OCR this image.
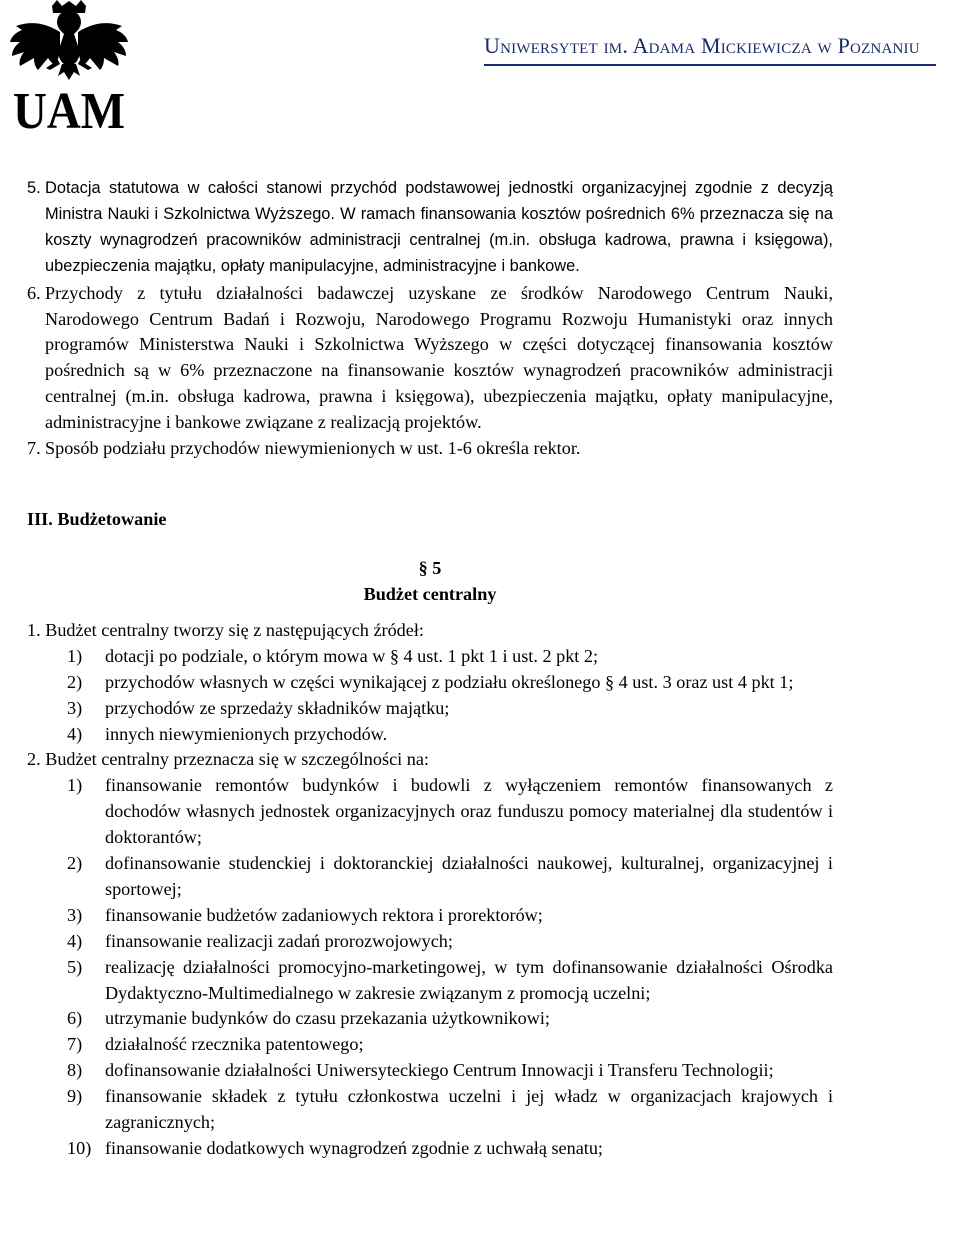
UAM
Uniwersytet im. Adama Mickiewicza w Poznaniu
5. Dotacja statutowa w całości stanowi przychód podstawowej jednostki organizacyjnej zgodnie z decyzją Ministra Nauki i Szkolnictwa Wyższego. W ramach finansowania kosztów pośrednich 6% przeznacza się na koszty wynagrodzeń pracowników administracji centralnej (m.in. obsługa kadrowa, prawna i księgowa), ubezpieczenia majątku, opłaty manipulacyjne, administracyjne i bankowe.
6. Przychody z tytułu działalności badawczej uzyskane ze środków Narodowego Centrum Nauki, Narodowego Centrum Badań i Rozwoju, Narodowego Programu Rozwoju Humanistyki oraz innych programów Ministerstwa Nauki i Szkolnictwa Wyższego w części dotyczącej finansowania kosztów pośrednich są w 6% przeznaczone na finansowanie kosztów wynagrodzeń pracowników administracji centralnej (m.in. obsługa kadrowa, prawna i księgowa), ubezpieczenia majątku, opłaty manipulacyjne, administracyjne i bankowe związane z realizacją projektów.
7. Sposób podziału przychodów niewymienionych w ust. 1-6 określa rektor.
III. Budżetowanie
§ 5
Budżet centralny
1. Budżet centralny tworzy się z następujących źródeł:
1)	dotacji po podziale, o którym mowa w § 4 ust. 1 pkt 1 i ust. 2 pkt 2;
2)	przychodów własnych w części wynikającej z podziału określonego § 4 ust. 3 oraz ust 4 pkt 1;
3)	przychodów ze sprzedaży składników majątku;
4)	innych niewymienionych przychodów.
2. Budżet centralny przeznacza się w szczególności na:
1)	finansowanie remontów budynków i budowli z wyłączeniem remontów finansowanych z dochodów własnych jednostek organizacyjnych oraz funduszu pomocy materialnej dla studentów i doktorantów;
2)	dofinansowanie studenckiej i doktoranckiej działalności naukowej, kulturalnej, organizacyjnej i sportowej;
3)	finansowanie budżetów zadaniowych rektora i prorektorów;
4)	finansowanie realizacji zadań prorozwojowych;
5)	realizację działalności promocyjno-marketingowej, w tym dofinansowanie działalności Ośrodka Dydaktyczno-Multimedialnego w zakresie związanym z promocją uczelni;
6)	utrzymanie budynków do czasu przekazania użytkownikowi;
7)	działalność rzecznika patentowego;
8)	dofinansowanie działalności Uniwersyteckiego Centrum Innowacji i Transferu Technologii;
9)	finansowanie składek z tytułu członkostwa uczelni i jej władz w organizacjach krajowych i zagranicznych;
10) finansowanie dodatkowych wynagrodzeń zgodnie z uchwałą senatu;
